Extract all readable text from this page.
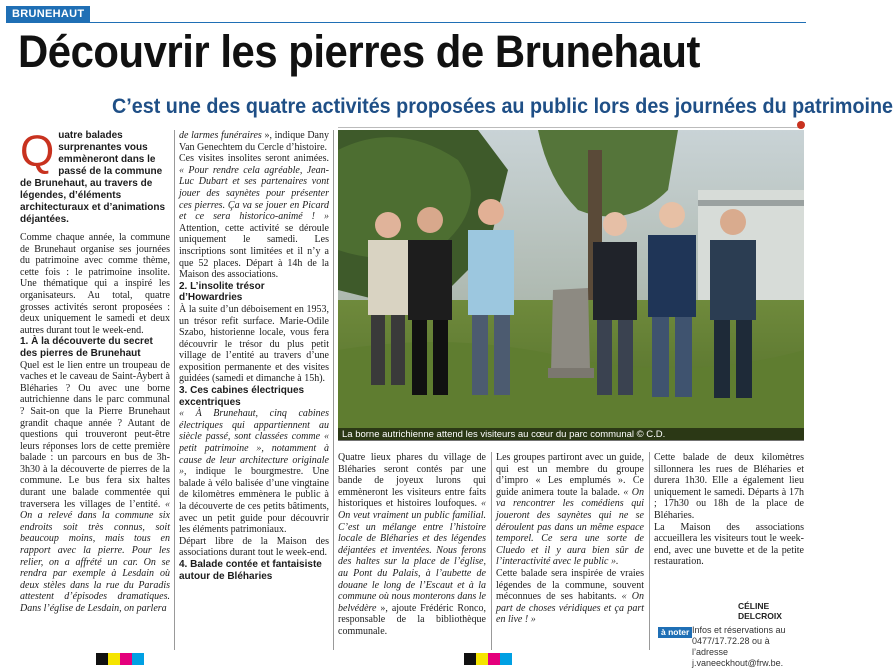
BRUNEHAUT
Découvrir les pierres de Brunehaut
C’est une des quatre activités proposées au public lors des journées du patrimoine

Quatre balades surprenantes vous emmèneront dans le passé de la commune de Brunehaut, au travers de légendes, d’éléments architecturaux et d’animations déjantées.

Comme chaque année, la commune de Brunehaut organise ses journées du patrimoine avec comme thème, cette fois : le patrimoine insolite. Une thématique qui a inspiré les organisateurs. Au total, quatre grosses activités seront proposées : deux uniquement le samedi et deux autres durant tout le week-end.

1. À la découverte du secret des pierres de Brunehaut

Quel est le lien entre un troupeau de vaches et le caveau de Saint-Aybert à Bléharies ? Ou avec une borne autrichienne dans le parc communal ? Sait-on que la Pierre Brunehaut grandit chaque année ? Autant de questions qui trouveront peut-être leurs réponses lors de cette première balade : un parcours en bus de 3h-3h30 à la découverte de pierres de la commune. Le bus fera six haltes durant une balade commentée qui traversera les villages de l’entité. « On a relevé dans la commune six endroits soit très connus, soit beaucoup moins, mais tous en rapport avec la pierre. Pour les relier, on a affrété un car. On se rendra par exemple à Lesdain où deux stèles dans la rue du Paradis attestent d’épisodes dramatiques. Dans l’église de Lesdain, on parlera

de larmes funéraires », indique Dany Van Genechtem du Cercle d’histoire.

Ces visites insolites seront animées. « Pour rendre cela agréable, Jean-Luc Dubart et ses partenaires vont jouer des saynètes pour présenter ces pierres. Ça va se jouer en Picard et ce sera historico-animé ! » Attention, cette activité se déroule uniquement le samedi. Les inscriptions sont limitées et il n’y a que 52 places. Départ à 14h de la Maison des associations.

2. L’insolite trésor d’Howardries

À la suite d’un déboisement en 1953, un trésor refit surface. Marie-Odile Szabo, historienne locale, vous fera découvrir le trésor du plus petit village de l’entité au travers d’une exposition permanente et des visites guidées (samedi et dimanche à 15h).

3. Ces cabines électriques excentriques

« À Brunehaut, cinq cabines électriques qui appartiennent au siècle passé, sont classées comme « petit patrimoine », notamment à cause de leur architecture originale », indique le bourgmestre. Une balade à vélo balisée d’une vingtaine de kilomètres emmènera le public à la découverte de ces petits bâtiments, avec un petit guide pour découvrir les éléments patrimoniaux.

Départ libre de la Maison des associations durant tout le week-end.

4. Balade contée et fantaisiste autour de Bléharies

La borne autrichienne attend les visiteurs au cœur du parc communal © C.D.

Quatre lieux phares du village de Bléharies seront contés par une bande de joyeux lurons qui emmèneront les visiteurs entre faits historiques et histoires loufoques. « On veut vraiment un public familial. C’est un mélange entre l’histoire locale de Bléharies et des légendes déjantées et inventées. Nous ferons des haltes sur la place de l’église, au Pont du Palais, à l’aubette de douane le long de l’Escaut et à la commune où nous monterons dans le belvédère », ajoute Frédéric Ronco, responsable de la bibliothèque communale.

Les groupes partiront avec un guide, qui est un membre du groupe d’impro « Les emplumés ». Ce guide animera toute la balade. « On va rencontrer les comédiens qui joueront des saynètes qui ne se déroulent pas dans un même espace temporel. Ce sera une sorte de Cluedo et il y aura bien sûr de l’interactivité avec le public ».

Cette balade sera inspirée de vraies légendes de la commune, souvent méconnues de ses habitants. « On part de choses véridiques et ça part en live ! »

Cette balade de deux kilomètres sillonnera les rues de Bléharies et durera 1h30. Elle a également lieu uniquement le samedi. Départs à 17h ; 17h30 ou 18h de la place de Bléharies.

La Maison des associations accueillera les visiteurs tout le week-end, avec une buvette et de la petite restauration.

CÉLINE DELCROIX
à noter Infos et réservations au 0477/17.72.28 ou à l’adresse j.vaneeckhout@frw.be.
